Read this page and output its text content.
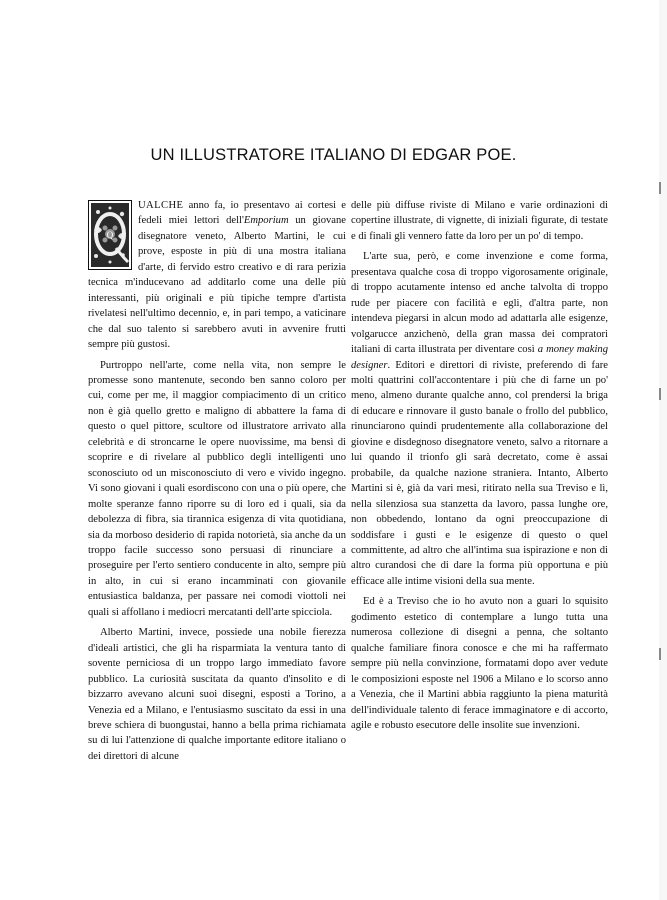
UN ILLUSTRATORE ITALIANO DI EDGAR POE.

Q
UALCHE anno fa, io presentavo ai cortesi e fedeli miei lettori dell'Emporium un giovane disegnatore veneto, Alberto Martini, le cui prove, esposte in più di una mostra italiana d'arte, di fervido estro creativo e di rara perizia tecnica m'inducevano ad additarlo come una delle più interessanti, più originali e più tipiche tempre d'artista rivelatesi nell'ultimo decennio, e, in pari tempo, a vaticinare che dal suo talento si sarebbero avuti in avvenire frutti sempre più gustosi.

Purtroppo nell'arte, come nella vita, non sempre le promesse sono mantenute, secondo ben sanno coloro per cui, come per me, il maggior compiacimento di un critico non è già quello gretto e maligno di abbattere la fama di questo o quel pittore, scultore od illustratore arrivato alla celebrità e di stroncarne le opere nuovissime, ma bensì di scoprire e di rivelare al pubblico degli intelligenti uno sconosciuto od un misconosciuto di vero e vivido ingegno. Vi sono giovani i quali esordiscono con una o più opere, che molte speranze fanno riporre su di loro ed i quali, sia da debolezza di fibra, sia tirannica esigenza di vita quotidiana, sia da morboso desiderio di rapida notorietà, sia anche da un troppo facile successo sono persuasi di rinunciare a proseguire per l'erto sentiero conducente in alto, sempre più in alto, in cui si erano incamminati con giovanile entusiastica baldanza, per passare nei comodi viottoli nei quali si affollano i mediocri mercatanti dell'arte spicciola.

Alberto Martini, invece, possiede una nobile fierezza d'ideali artistici, che gli ha risparmiata la ventura tanto di sovente perniciosa di un troppo largo immediato favore pubblico. La curiosità suscitata da quanto d'insolito e di bizzarro avevano alcuni suoi disegni, esposti a Torino, a Venezia ed a Milano, e l'entusiasmo suscitato da essi in una breve schiera di buongustai, hanno a bella prima richiamata su di lui l'attenzione di qualche importante editore italiano o dei direttori di alcune

delle più diffuse riviste di Milano e varie ordinazioni di copertine illustrate, di vignette, di iniziali figurate, di testate e di finali gli vennero fatte da loro per un po' di tempo.

L'arte sua, però, e come invenzione e come forma, presentava qualche cosa di troppo vigorosamente originale, di troppo acutamente intenso ed anche talvolta di troppo rude per piacere con facilità e egli, d'altra parte, non intendeva piegarsi in alcun modo ad adattarla alle esigenze, volgarucce anzichenò, della gran massa dei compratori italiani di carta illustrata per diventare così a money making designer. Editori e direttori di riviste, preferendo di fare molti quattrini coll'accontentare i più che di farne un po' meno, almeno durante qualche anno, col prendersi la briga di educare e rinnovare il gusto banale o frollo del pubblico, rinunciarono quindi prudentemente alla collaborazione del giovine e disdegnoso disegnatore veneto, salvo a ritornare a lui quando il trionfo gli sarà decretato, come è assai probabile, da qualche nazione straniera. Intanto, Alberto Martini si è, già da vari mesi, ritirato nella sua Treviso e lì, nella silenziosa sua stanzetta da lavoro, passa lunghe ore, non obbedendo, lontano da ogni preoccupazione di soddisfare i gusti e le esigenze di questo o quel committente, ad altro che all'intima sua ispirazione e non di altro curandosi che di dare la forma più opportuna e più efficace alle intime visioni della sua mente.

Ed è a Treviso che io ho avuto non a guari lo squisito godimento estetico di contemplare a lungo tutta una numerosa collezione di disegni a penna, che soltanto qualche familiare finora conosce e che mi ha raffermato sempre più nella convinzione, formatami dopo aver vedute le composizioni esposte nel 1906 a Milano e lo scorso anno a Venezia, che il Martini abbia raggiunto la piena maturità dell'individuale talento di ferace immaginatore e di accorto, agile e robusto esecutore delle insolite sue invenzioni.
